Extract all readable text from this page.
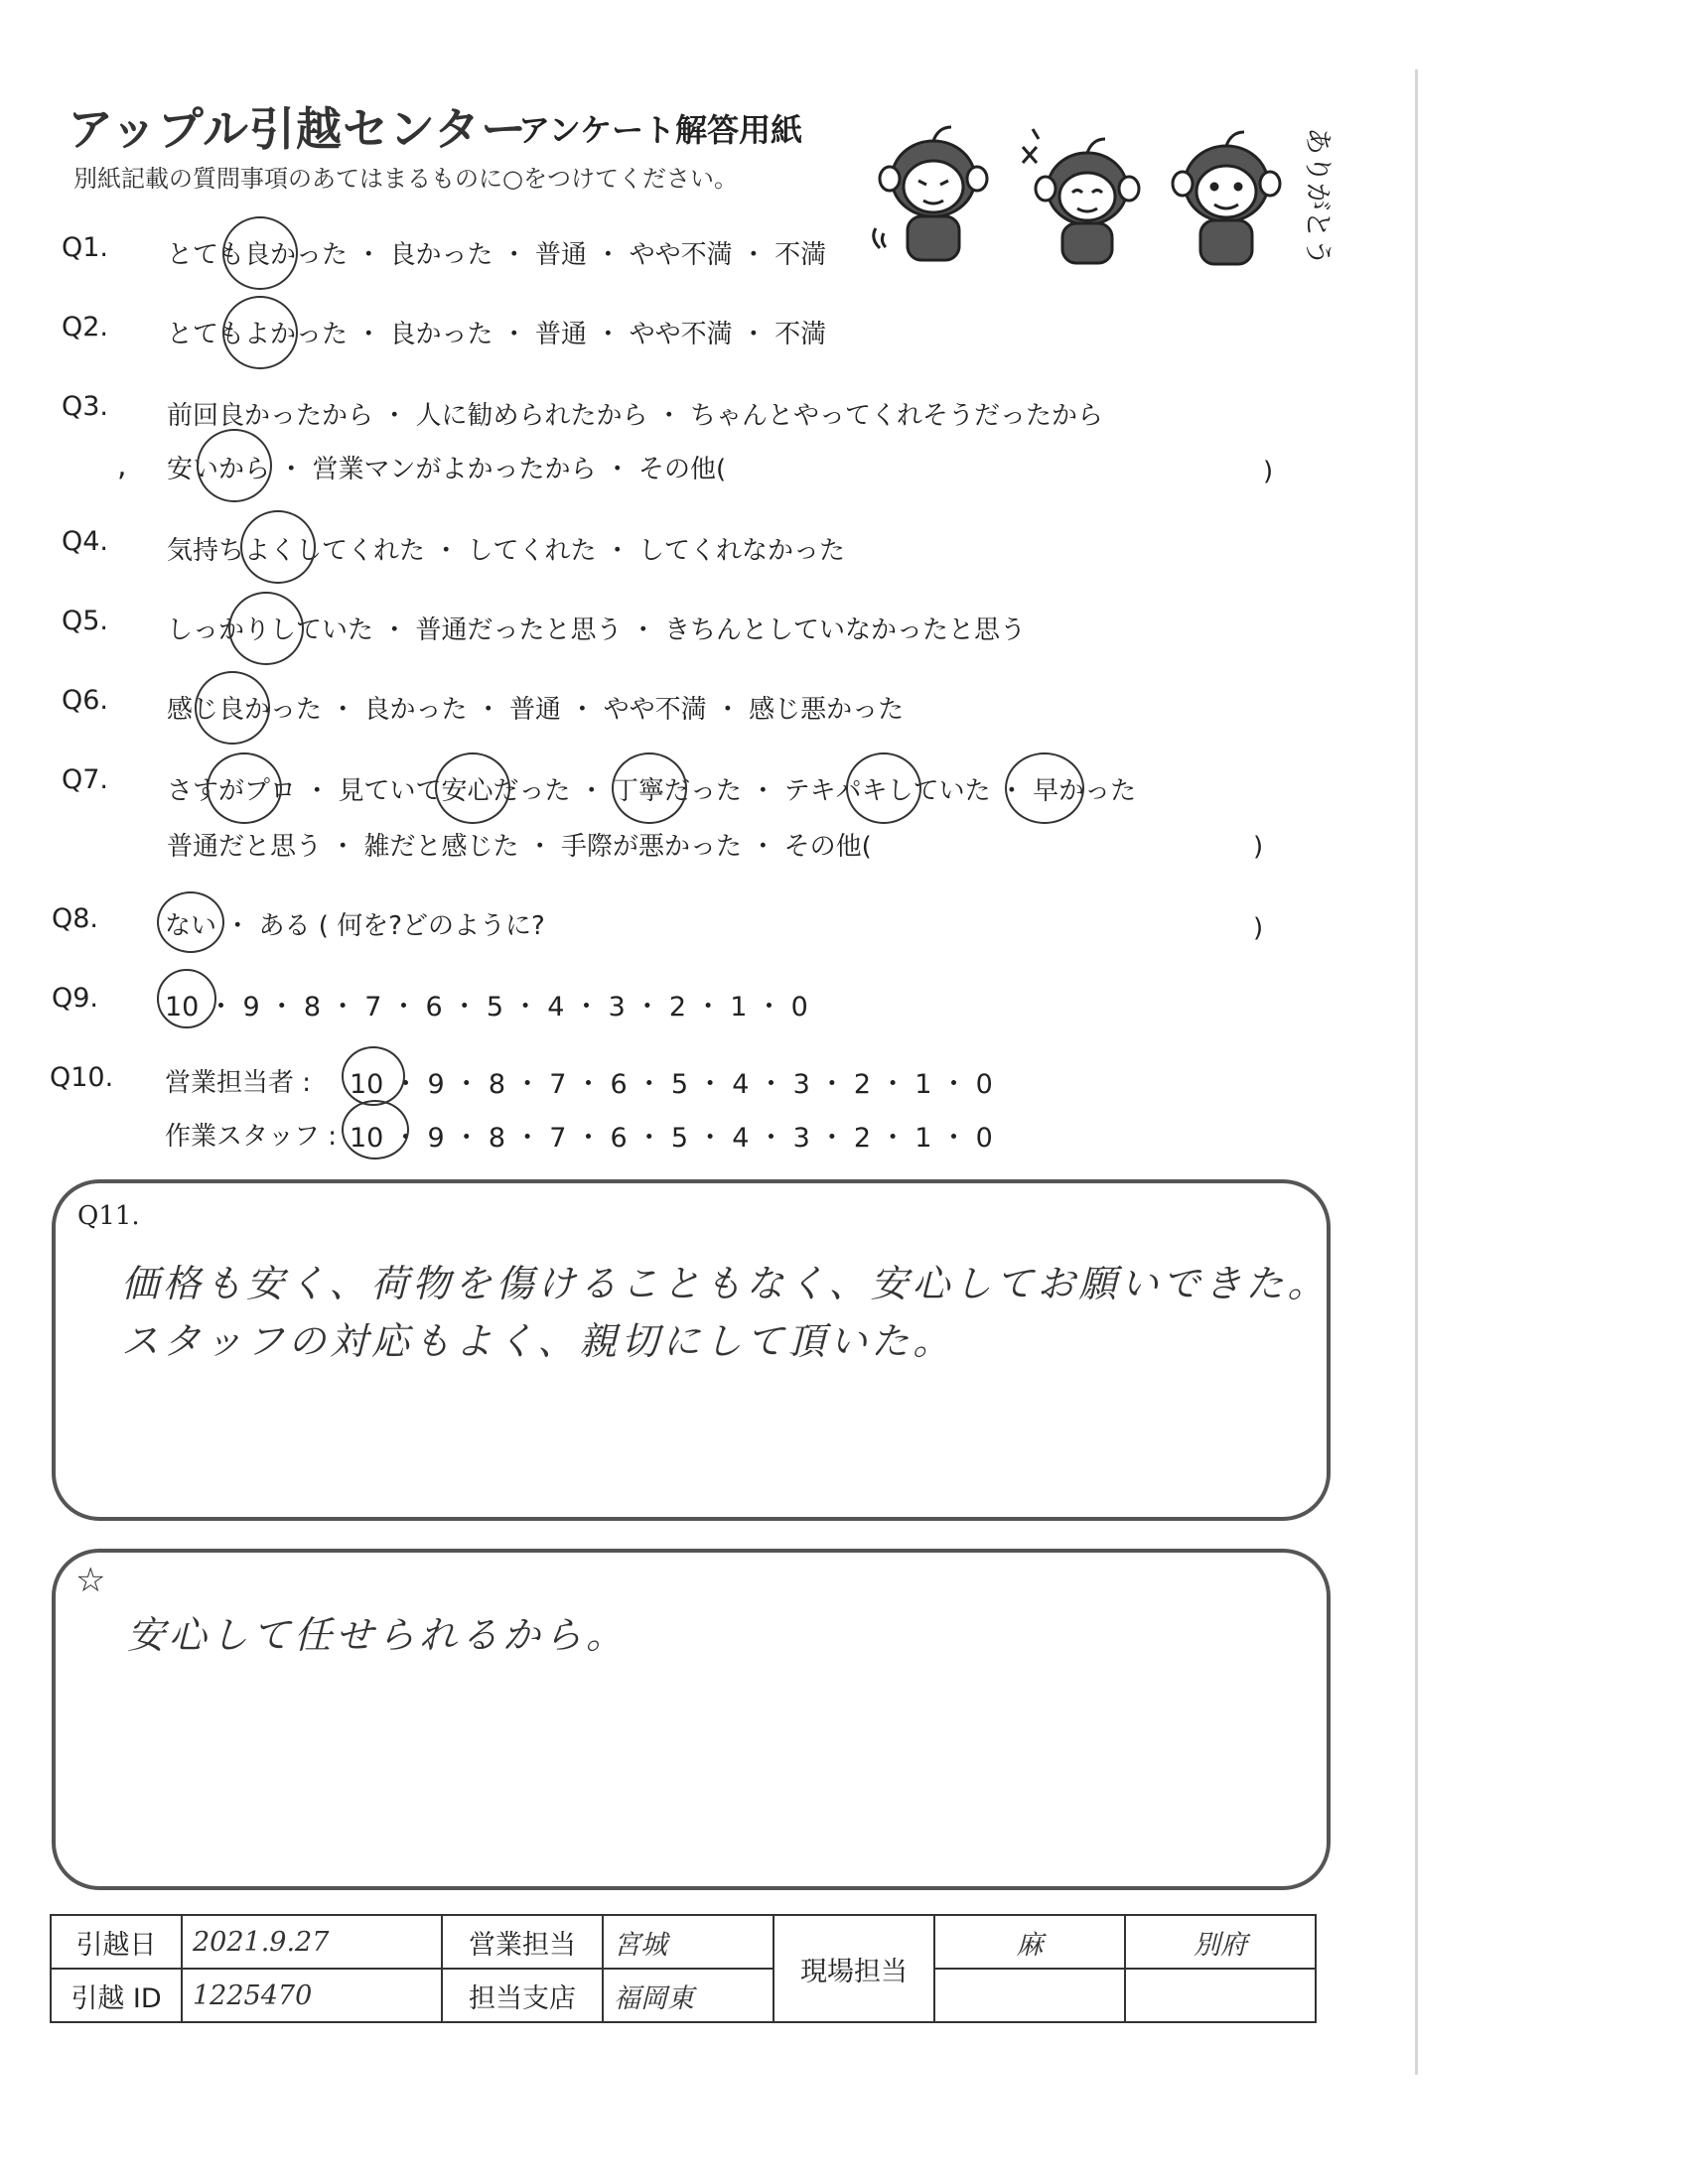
アップル引越センター
アンケート解答用紙
別紙記載の質問事項のあてはまるものに○をつけてください。	ありがとう
Q1. とても良かった ・ 良かった ・ 普通 ・ やや不満 ・ 不満
Q2. とてもよかった ・ 良かった ・ 普通 ・ やや不満 ・ 不満
Q3. 前回良かったから ・ 人に勧められたから ・ ちゃんとやってくれそうだったから
, 安いから ・ 営業マンがよかったから ・ その他(	)
Q4. 気持ちよくしてくれた ・ してくれた ・ してくれなかった
Q5. しっかりしていた ・ 普通だったと思う ・ きちんとしていなかったと思う
Q6. 感じ良かった ・ 良かった ・ 普通 ・ やや不満 ・ 感じ悪かった
Q7. さすがプロ ・ 見ていて安心だった ・ 丁寧だった ・ テキパキしていた ・ 早かった
普通だと思う ・ 雑だと感じた ・ 手際が悪かった ・ その他(	)
Q8.	ない ・ ある ( 何を?どのように?	)
Q9. 10 ・ 9 ・ 8 ・ 7 ・ 6 ・ 5 ・ 4 ・ 3 ・ 2 ・ 1 ・ 0
Q10. 営業担当者 : 10 ・ 9 ・ 8 ・ 7 ・ 6 ・ 5 ・ 4 ・ 3 ・ 2 ・ 1 ・ 0
作業スタッフ : 10 ・ 9 ・ 8 ・ 7 ・ 6 ・ 5 ・ 4 ・ 3 ・ 2 ・ 1 ・ 0
Q11.
価格も安く、荷物を傷けることもなく、安心してお願いできた。
スタッフの対応もよく、親切にして頂いた。
☆
安心して任せられるから。
引越日	2021.9.27	営業担当	宮城	現場担当	麻	別府
引越 ID	1225470	担当支店	福岡東			
